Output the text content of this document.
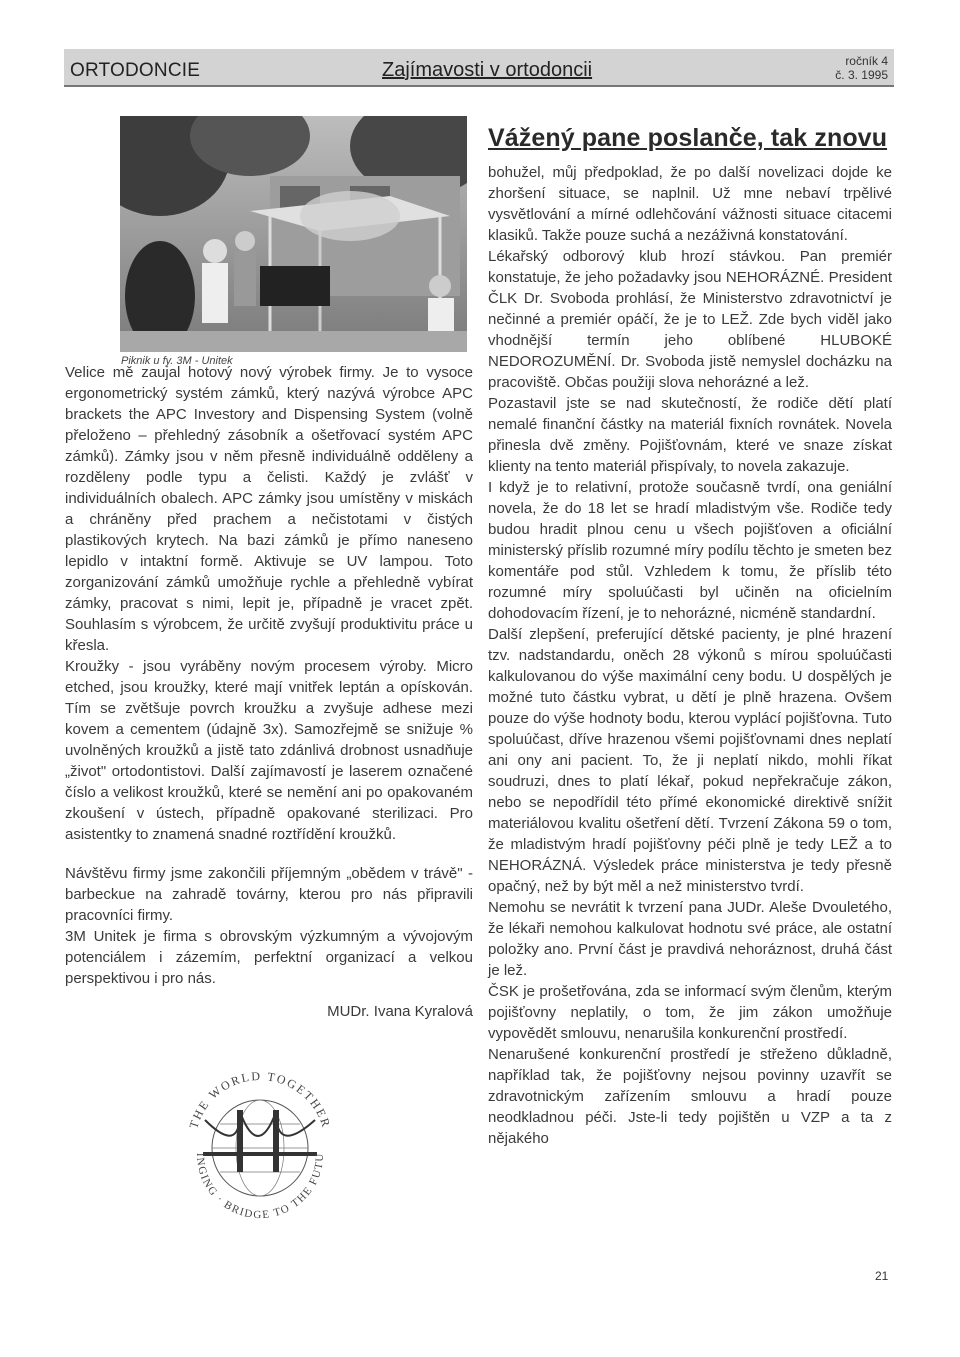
ORTODONCIE	Zajímavosti v ortodoncii	ročník 4
č. 3. 1995
Piknik u fy. 3M - Unitek

Velice mě zaujal hotový nový výrobek firmy. Je to vysoce ergonometrický systém zámků, který nazývá výrobce APC brackets the APC Investory and Dispensing System (volně přeloženo – přehledný zásobník a ošetřovací systém APC zámků). Zámky jsou v něm přesně individuálně odděleny a rozděleny podle typu a čelisti. Každý je zvlášť v individuálních obalech. APC zámky jsou umístěny v miskách a chráněny před prachem a nečistotami v čistých plastikových krytech. Na bazi zámků je přímo naneseno lepidlo v intaktní formě. Aktivuje se UV lampou. Toto zorganizování zámků umožňuje rychle a přehledně vybírat zámky, pracovat s nimi, lepit je, případně je vracet zpět. Souhlasím s výrobcem, že určitě zvyšují produktivitu práce u křesla.

Kroužky - jsou vyráběny novým procesem výroby. Micro etched, jsou kroužky, které mají vnitřek leptán a opískován. Tím se zvětšuje povrch kroužku a zvyšuje adhese mezi kovem a cementem (údajně 3x). Samozřejmě se snižuje % uvolněných kroužků a jistě tato zdánlivá drobnost usnadňuje „život" ortodontistovi. Další zajímavostí je laserem označené číslo a velikost kroužků, které se nemění ani po opakovaném zkoušení v ústech, případně opakované sterilizaci. Pro asistentky to znamená snadné roztřídění kroužků.

Návštěvu firmy jsme zakončili příjemným „obědem v trávě" - barbeckue na zahradě továrny, kterou pro nás připravili pracovníci firmy.

3M Unitek je firma s obrovským výzkumným a vývojovým potenciálem i zázemím, perfektní organizací a velkou perspektivou i pro nás.

MUDr. Ivana Kyralová

Vážený pane poslanče, tak znovu

bohužel, můj předpoklad, že po další novelizaci dojde ke zhoršení situace, se naplnil. Už mne nebaví trpělivé vysvětlování a mírné odlehčování vážnosti situace citacemi klasiků. Takže pouze suchá a nezáživná konstatování.

Lékařský odborový klub hrozí stávkou. Pan premiér konstatuje, že jeho požadavky jsou NEHORÁZNÉ. President ČLK Dr. Svoboda prohlásí, že Ministerstvo zdravotnictví je nečinné a premiér opáčí, že je to LEŽ. Zde bych viděl jako vhodnější termín jeho oblíbené HLUBOKÉ NEDOROZUMĚNÍ. Dr. Svoboda jistě nemyslel docházku na pracoviště. Občas použiji slova nehorázné a lež.

Pozastavil jste se nad skutečností, že rodiče dětí platí nemalé finanční částky na materiál fixních rovnátek. Novela přinesla dvě změny. Pojišťovnám, které ve snaze získat klienty na tento materiál přispívaly, to novela zakazuje.

I když je to relativní, protože současně tvrdí, ona geniální novela, že do 18 let se hradí mladistvým vše. Rodiče tedy budou hradit plnou cenu u všech pojišťoven a oficiální ministerský příslib rozumné míry podílu těchto je smeten bez komentáře pod stůl. Vzhledem k tomu, že příslib této rozumné míry spoluúčasti byl učiněn na oficielním dohodovacím řízení, je to nehorázné, nicméně standardní.

Další zlepšení, preferující dětské pacienty, je plné hrazení tzv. nadstandardu, oněch 28 výkonů s mírou spoluúčasti kalkulovanou do výše maximální ceny bodu. U dospělých je možné tuto částku vybrat, u dětí je plně hrazena. Ovšem pouze do výše hodnoty bodu, kterou vyplácí pojišťovna. Tuto spoluúčast, dříve hrazenou všemi pojišťovnami dnes neplatí ani ony ani pacient. To, že ji neplatí nikdo, mohli říkat soudruzi, dnes to platí lékař, pokud nepřekračuje zákon, nebo se nepodřídil této přímé ekonomické direktivě snížit materiálovou kvalitu ošetření dětí. Tvrzení Zákona 59 o tom, že mladistvým hradí pojišťovny péči plně je tedy LEŽ a to NEHORÁZNÁ. Výsledek práce ministerstva je tedy přesně opačný, než by být měl a než ministerstvo tvrdí.

Nemohu se nevrátit k tvrzení pana JUDr. Aleše Dvouletého, že lékaři nemohou kalkulovat hodnotu své práce, ale ostatní položky ano. První část je pravdivá nehoráznost, druhá část je lež.

ČSK je prošetřována, zda se informací svým členům, kterým pojišťovny neplatily, o tom, že jim zákon umožňuje vypovědět smlouvu, nenarušila konkurenční prostředí.

Nenarušené konkurenční prostředí je střeženo důkladně, například tak, že pojišťovny nejsou povinny uzavřít se zdravotnickým zařízením smlouvu a hradí pouze neodkladnou péči. Jste-li tedy pojištěn u VZP a ta z nějakého

THE WORLD TOGETHER
INGING · BRIDGE TO THE FUTU
21
